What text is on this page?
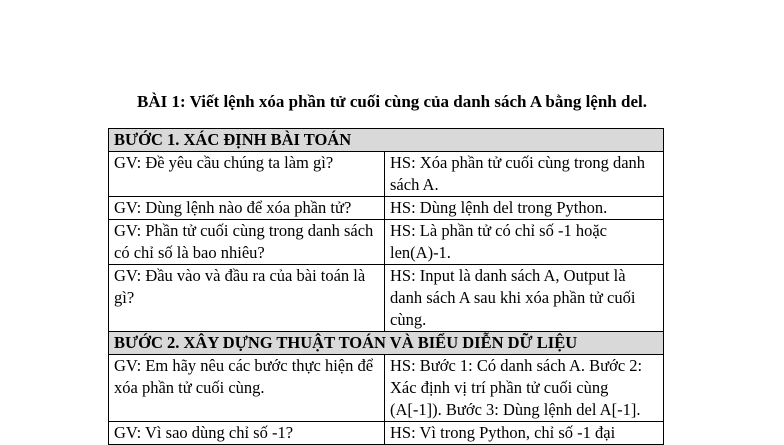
BÀI 1: Viết lệnh xóa phần tử cuối cùng của danh sách A bằng lệnh del.
BƯỚC 1. XÁC ĐỊNH BÀI TOÁN	
GV: Đề yêu cầu chúng ta làm gì?	HS: Xóa phần tử cuối cùng trong danh sách A.
GV: Dùng lệnh nào để xóa phần tử?	HS: Dùng lệnh del trong Python.
GV: Phần tử cuối cùng trong danh sách có chỉ số là bao nhiêu?	HS: Là phần tử có chỉ số -1 hoặc len(A)-1.
GV: Đầu vào và đầu ra của bài toán là gì?	HS: Input là danh sách A, Output là danh sách A sau khi xóa phần tử cuối cùng.
BƯỚC 2. XÂY DỰNG THUẬT TOÁN VÀ BIỂU DIỄN DỮ LIỆU	
GV: Em hãy nêu các bước thực hiện để xóa phần tử cuối cùng.	HS: Bước 1: Có danh sách A. Bước 2: Xác định vị trí phần tử cuối cùng (A[-1]). Bước 3: Dùng lệnh del A[-1].
GV: Vì sao dùng chỉ số -1?	HS: Vì trong Python, chỉ số -1 đại
